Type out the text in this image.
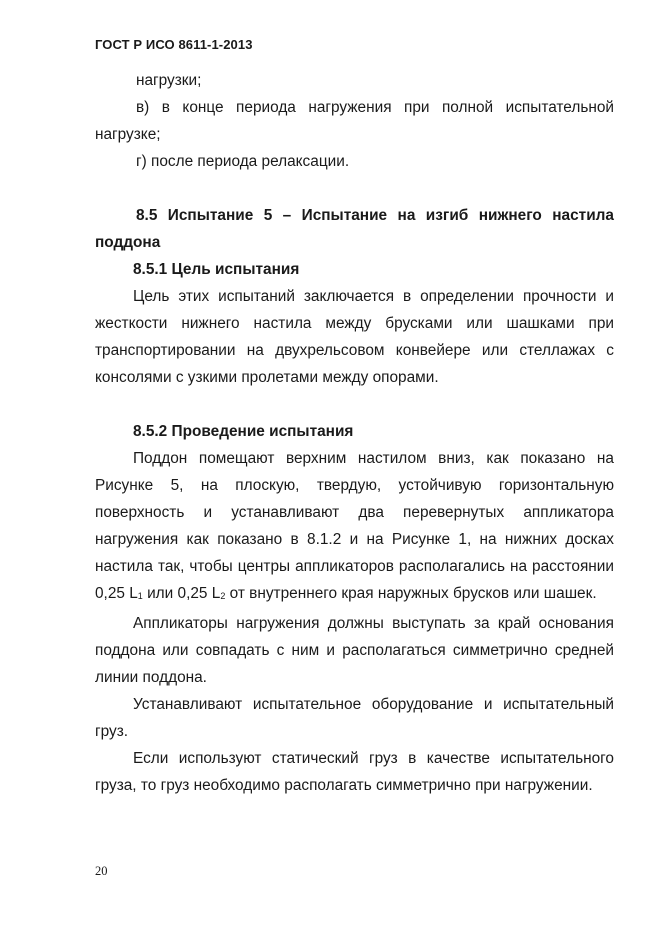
ГОСТ Р ИСО 8611-1-2013

нагрузки;

в) в конце периода нагружения при полной испытательной нагрузке;

г) после периода релаксации.

8.5 Испытание 5 – Испытание на изгиб нижнего настила поддона

8.5.1 Цель испытания

Цель этих испытаний заключается в определении прочности и жесткости нижнего настила между брусками или шашками при транспортировании на двухрельсовом конвейере или стеллажах с консолями с узкими пролетами между опорами.

8.5.2 Проведение испытания

Поддон помещают верхним настилом вниз, как показано на Рисунке 5, на плоскую, твердую, устойчивую горизонтальную поверхность и устанавливают два перевернутых аппликатора нагружения как показано в 8.1.2 и на Рисунке 1, на нижних досках настила так, чтобы центры аппликаторов располагались на расстоянии 0,25 L1 или 0,25 L2 от внутреннего края наружных брусков или шашек.

Аппликаторы нагружения должны выступать за край основания поддона или совпадать с ним и располагаться симметрично средней линии поддона.

Устанавливают испытательное оборудование и испытательный груз.

Если используют статический груз в качестве испытательного груза, то груз необходимо располагать симметрично при нагружении.

20
